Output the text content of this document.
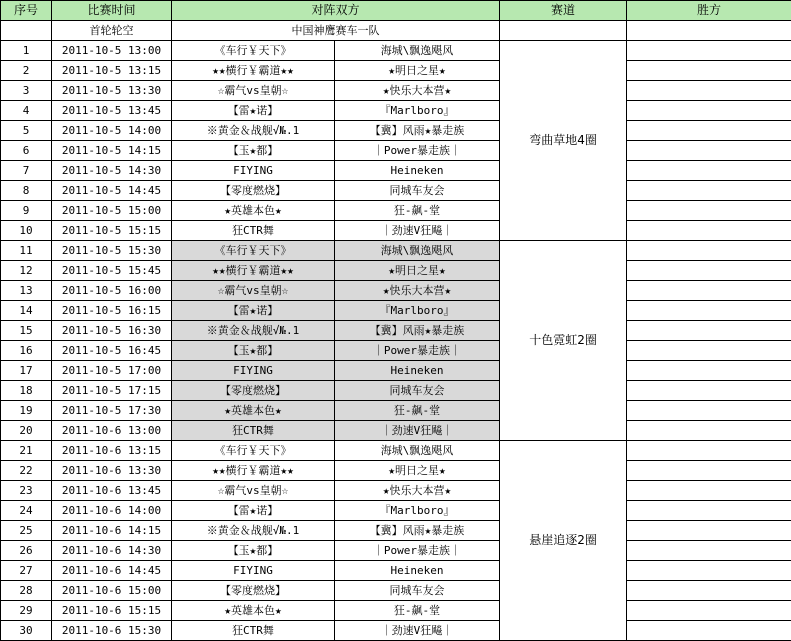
序号	比赛时间	对阵双方		赛道	胜方
	首轮轮空	中国神鹰赛车一队			
1	2011-10-5 13:00	《车行￥天下》	海城\飘逸飓风	弯曲草地4圈	
2	2011-10-5 13:15	★★横行￥霸道★★	★明日之星★		
3	2011-10-5 13:30	☆霸气vs皇朝☆	★快乐大本营★		
4	2011-10-5 13:45	【雷★诺】	『Marlboro』		
5	2011-10-5 14:00	※黄金＆战舰√№.1	【冀】风雨★暴走族		
6	2011-10-5 14:15	【玉★都】	｜Power暴走族｜		
7	2011-10-5 14:30	FIYING	Heineken		
8	2011-10-5 14:45	【零度燃烧】	同城车友会		
9	2011-10-5 15:00	★英雄本色★	狂-飙-堂		
10	2011-10-5 15:15	狂CTR舞	｜劲速V狂飚｜		
11	2011-10-5 15:30	《车行￥天下》	海城\飘逸飓风	十色霓虹2圈	
12	2011-10-5 15:45	★★横行￥霸道★★	★明日之星★		
13	2011-10-5 16:00	☆霸气vs皇朝☆	★快乐大本营★		
14	2011-10-5 16:15	【雷★诺】	『Marlboro』		
15	2011-10-5 16:30	※黄金＆战舰√№.1	【冀】风雨★暴走族		
16	2011-10-5 16:45	【玉★都】	｜Power暴走族｜		
17	2011-10-5 17:00	FIYING	Heineken		
18	2011-10-5 17:15	【零度燃烧】	同城车友会		
19	2011-10-5 17:30	★英雄本色★	狂-飙-堂		
20	2011-10-6 13:00	狂CTR舞	｜劲速V狂飚｜		
21	2011-10-6 13:15	《车行￥天下》	海城\飘逸飓风	悬崖追逐2圈	
22	2011-10-6 13:30	★★横行￥霸道★★	★明日之星★		
23	2011-10-6 13:45	☆霸气vs皇朝☆	★快乐大本营★		
24	2011-10-6 14:00	【雷★诺】	『Marlboro』		
25	2011-10-6 14:15	※黄金＆战舰√№.1	【冀】风雨★暴走族		
26	2011-10-6 14:30	【玉★都】	｜Power暴走族｜		
27	2011-10-6 14:45	FIYING	Heineken		
28	2011-10-6 15:00	【零度燃烧】	同城车友会		
29	2011-10-6 15:15	★英雄本色★	狂-飙-堂		
30	2011-10-6 15:30	狂CTR舞	｜劲速V狂飚｜		
